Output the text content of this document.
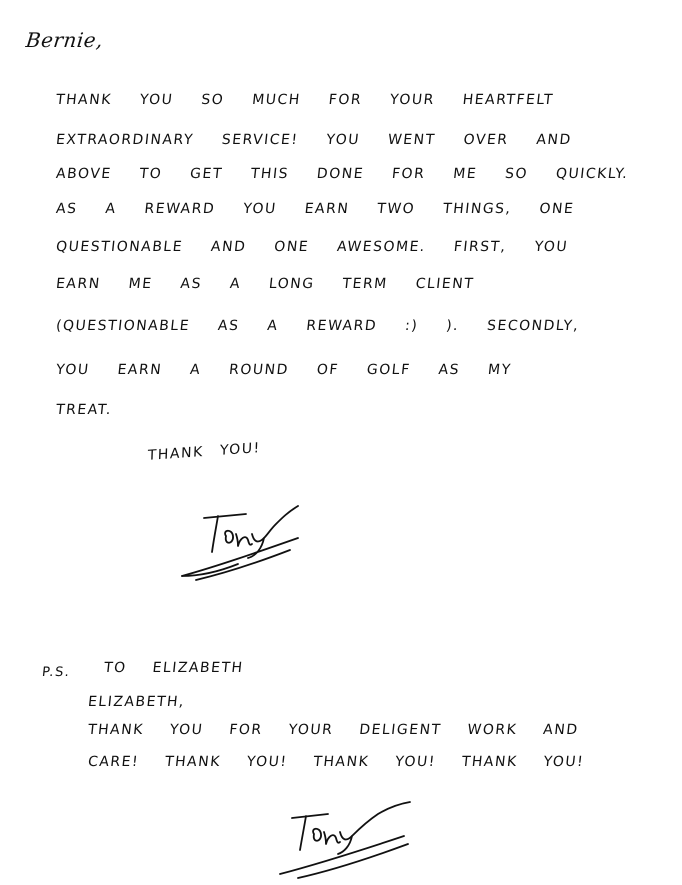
Bernie,
THANK YOU SO MUCH FOR YOUR HEARTFELT
EXTRAORDINARY SERVICE! YOU WENT OVER AND
ABOVE TO GET THIS DONE FOR ME SO QUICKLY.
AS A REWARD YOU EARN TWO THINGS, ONE
QUESTIONABLE AND ONE AWESOME. FIRST, YOU
EARN ME AS A LONG TERM CLIENT
(QUESTIONABLE AS A REWARD :) ). SECONDLY,
YOU EARN A ROUND OF GOLF AS MY
TREAT.
THANK YOU!
P.S. TO ELIZABETH
ELIZABETH,
THANK YOU FOR YOUR DELIGENT WORK AND
CARE! THANK YOU! THANK YOU! THANK YOU!
